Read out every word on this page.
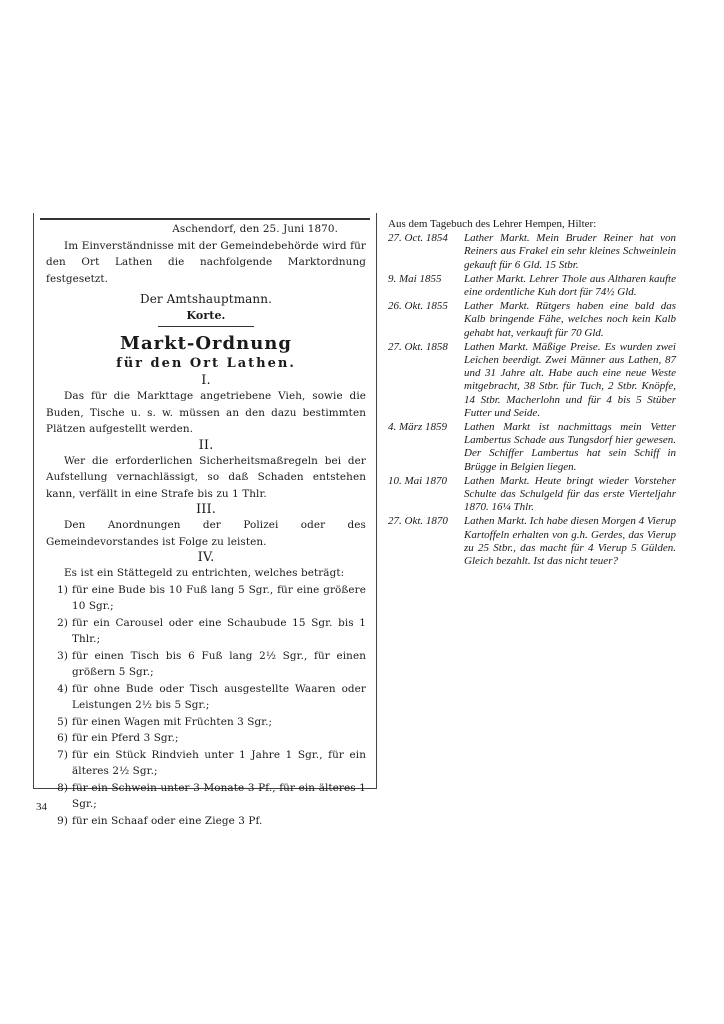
Aschendorf, den 25. Juni 1870.

Im Einverständnisse mit der Gemeindebehörde wird für den Ort Lathen die nachfolgende Marktordnung festgesetzt.

Der Amtshauptmann.
Korte.
Markt-Ordnung
für den Ort Lathen.
I.

Das für die Markttage angetriebene Vieh, sowie die Buden, Tische u. s. w. müssen an den dazu bestimmten Plätzen aufgestellt werden.

II.

Wer die erforderlichen Sicherheitsmaßregeln bei der Aufstellung vernachlässigt, so daß Schaden entstehen kann, verfällt in eine Strafe bis zu 1 Thlr.

III.

Den Anordnungen der Polizei oder des Gemeindevorstandes ist Folge zu leisten.

IV.

Es ist ein Stättegeld zu entrichten, welches beträgt:

1) für eine Bude bis 10 Fuß lang 5 Sgr., für eine größere 10 Sgr.;
2) für ein Carousel oder eine Schaubude 15 Sgr. bis 1 Thlr.;
3) für einen Tisch bis 6 Fuß lang 2½ Sgr., für einen größern 5 Sgr.;
4) für ohne Bude oder Tisch ausgestellte Waaren oder Leistungen 2½ bis 5 Sgr.;
5) für einen Wagen mit Früchten 3 Sgr.;
6) für ein Pferd 3 Sgr.;
7) für ein Stück Rindvieh unter 1 Jahre 1 Sgr., für ein älteres 2½ Sgr.;
8) für ein Schwein unter 3 Monate 3 Pf., für ein älteres 1 Sgr.;
9) für ein Schaaf oder eine Ziege 3 Pf.
Aus dem Tagebuch des Lehrer Hempen, Hilter:
27. Oct. 1854	Lather Markt. Mein Bruder Reiner hat von Reiners aus Frakel ein sehr kleines Schweinlein gekauft für 6 Gld. 15 Stbr.
9. Mai 1855	Lather Markt. Lehrer Thole aus Altharen kaufte eine ordentliche Kuh dort für 74½ Gld.
26. Okt. 1855	Lather Markt. Rütgers haben eine bald das Kalb bringende Fähe, welches noch kein Kalb gehabt hat, verkauft für 70 Gld.
27. Okt. 1858	Lathen Markt. Mäßige Preise. Es wurden zwei Leichen beerdigt. Zwei Männer aus Lathen, 87 und 31 Jahre alt. Habe auch eine neue Weste mitgebracht, 38 Stbr. für Tuch, 2 Stbr. Knöpfe, 14 Stbr. Macherlohn und für 4 bis 5 Stüber Futter und Seide.
4. März 1859	Lathen Markt ist nachmittags mein Vetter Lambertus Schade aus Tungsdorf hier gewesen. Der Schiffer Lambertus hat sein Schiff in Brügge in Belgien liegen.
10. Mai 1870	Lathen Markt. Heute bringt wieder Vorsteher Schulte das Schulgeld für das erste Vierteljahr 1870. 16¼ Thlr.
27. Okt. 1870	Lathen Markt. Ich habe diesen Morgen 4 Vierup Kartoffeln erhalten von g.h. Gerdes, das Vierup zu 25 Stbr., das macht für 4 Vierup 5 Gülden. Gleich bezahlt. Ist das nicht teuer?
34
